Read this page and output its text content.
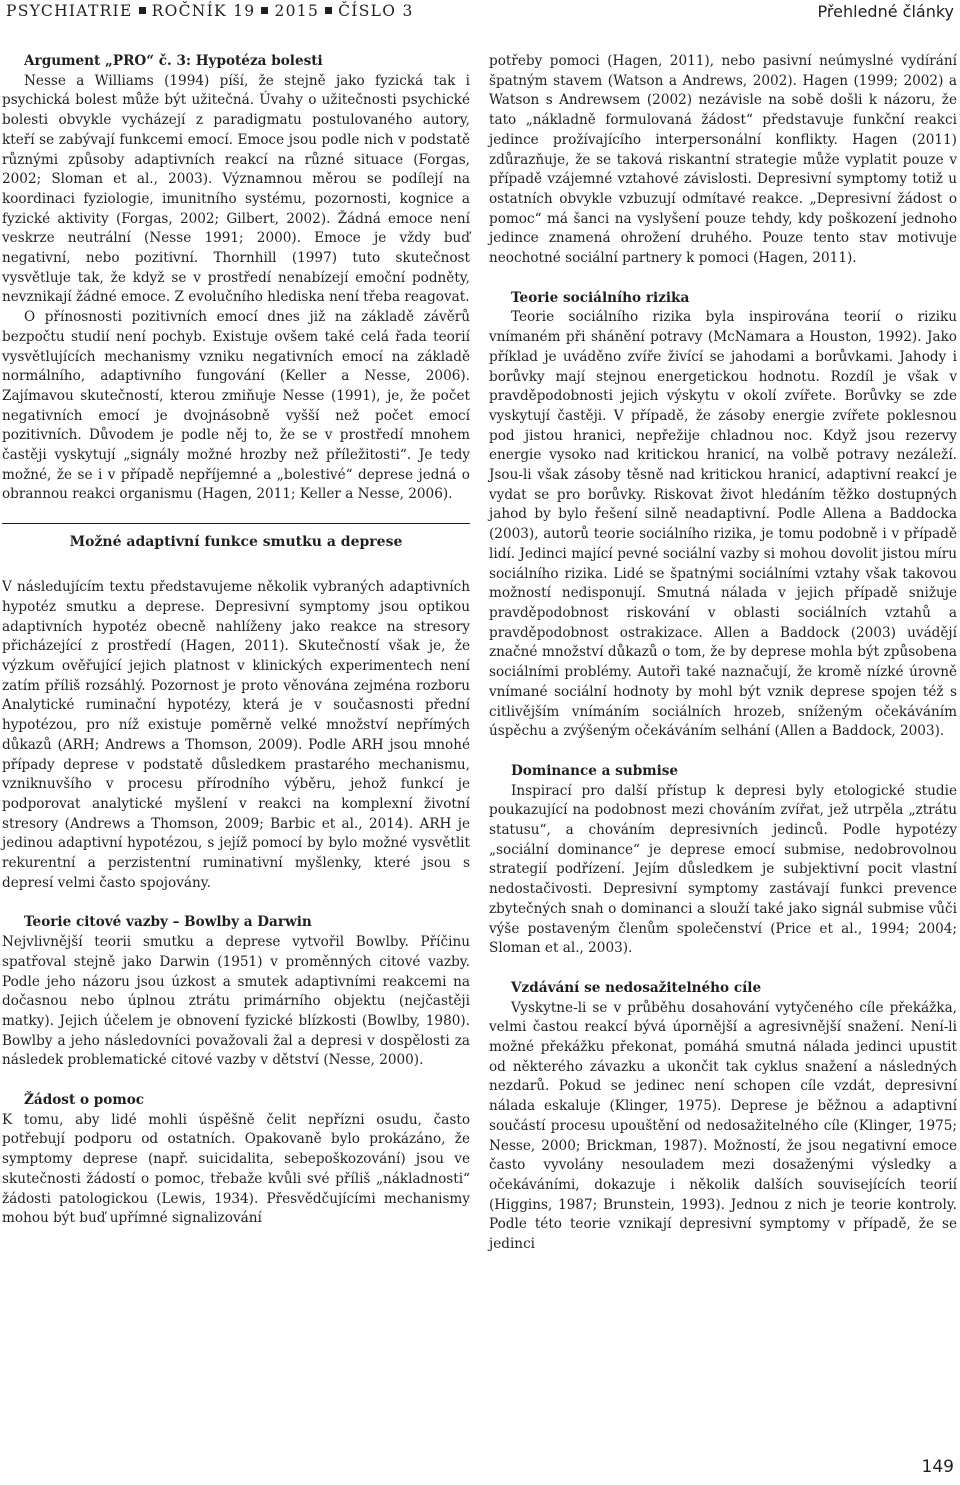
PSYCHIATRIE ROČNÍK 19 2015 ČÍSLO 3	Přehledné články
Argument „PRO“ č. 3: Hypotéza bolesti

Nesse a Williams (1994) píší, že stejně jako fyzická tak i psychická bolest může být užitečná. Úvahy o užitečnosti psychické bolesti obvykle vycházejí z paradigmatu postulovaného autory, kteří se zabývají funkcemi emocí. Emoce jsou podle nich v podstatě různými způsoby adaptivních reakcí na různé situace (Forgas, 2002; Sloman et al., 2003). Významnou měrou se podílejí na koordinaci fyziologie, imunitního systému, pozornosti, kognice a fyzické aktivity (Forgas, 2002; Gilbert, 2002). Žádná emoce není veskrze neutrální (Nesse 1991; 2000). Emoce je vždy buď negativní, nebo pozitivní. Thornhill (1997) tuto skutečnost vysvětluje tak, že když se v prostředí nenabízejí emoční podněty, nevznikají žádné emoce. Z evolučního hlediska není třeba reagovat.

O přínosnosti pozitivních emocí dnes již na základě závěrů bezpočtu studií není pochyb. Existuje ovšem také celá řada teorií vysvětlujících mechanismy vzniku negativních emocí na základě normálního, adaptivního fungování (Keller a Nesse, 2006). Zajímavou skutečností, kterou zmiňuje Nesse (1991), je, že počet negativních emocí je dvojnásobně vyšší než počet emocí pozitivních. Důvodem je podle něj to, že se v prostředí mnohem častěji vyskytují „signály možné hrozby než příležitosti“. Je tedy možné, že se i v případě nepříjemné a „bolestivé“ deprese jedná o obrannou reakci organismu (Hagen, 2011; Keller a Nesse, 2006).

Možné adaptivní funkce smutku a deprese

V následujícím textu představujeme několik vybraných adaptivních hypotéz smutku a deprese. Depresivní symptomy jsou optikou adaptivních hypotéz obecně nahlíženy jako reakce na stresory přicházející z prostředí (Hagen, 2011). Skutečností však je, že výzkum ověřující jejich platnost v klinických experimentech není zatím příliš rozsáhlý. Pozornost je proto věnována zejména rozboru Analytické ruminační hypotézy, která je v současnosti přední hypotézou, pro níž existuje poměrně velké množství nepřímých důkazů (ARH; Andrews a Thomson, 2009). Podle ARH jsou mnohé případy deprese v podstatě důsledkem prastarého mechanismu, vzniknuvšího v procesu přírodního výběru, jehož funkcí je podporovat analytické myšlení v reakci na komplexní životní stresory (Andrews a Thomson, 2009; Barbic et al., 2014). ARH je jedinou adaptivní hypotézou, s jejíž pomocí by bylo možné vysvětlit rekurentní a perzistentní ruminativní myšlenky, které jsou s depresí velmi často spojovány.

Teorie citové vazby – Bowlby a Darwin

Nejvlivnější teorii smutku a deprese vytvořil Bowlby. Příčinu spatřoval stejně jako Darwin (1951) v proměnných citové vazby. Podle jeho názoru jsou úzkost a smutek adaptivními reakcemi na dočasnou nebo úplnou ztrátu primárního objektu (nejčastěji matky). Jejich účelem je obnovení fyzické blízkosti (Bowlby, 1980). Bowlby a jeho následovníci považovali žal a depresi v dospělosti za následek problematické citové vazby v dětství (Nesse, 2000).

Žádost o pomoc

K tomu, aby lidé mohli úspěšně čelit nepřízni osudu, často potřebují podporu od ostatních. Opakovaně bylo prokázáno, že symptomy deprese (např. suicidalita, sebepoškozování) jsou ve skutečnosti žádostí o pomoc, třebaže kvůli své příliš „nákladnosti“ žádosti patologickou (Lewis, 1934). Přesvědčujícími mechanismy mohou být buď upřímné signalizování

potřeby pomoci (Hagen, 2011), nebo pasivní neúmyslné vydírání špatným stavem (Watson a Andrews, 2002). Hagen (1999; 2002) a Watson s Andrewsem (2002) nezávisle na sobě došli k názoru, že tato „nákladně formulovaná žádost“ představuje funkční reakci jedince prožívajícího interpersonální konflikty. Hagen (2011) zdůrazňuje, že se taková riskantní strategie může vyplatit pouze v případě vzájemné vztahové závislosti. Depresivní symptomy totiž u ostatních obvykle vzbuzují odmítavé reakce. „Depresivní žádost o pomoc“ má šanci na vyslyšení pouze tehdy, kdy poškození jednoho jedince znamená ohrožení druhého. Pouze tento stav motivuje neochotné sociální partnery k pomoci (Hagen, 2011).

Teorie sociálního rizika

Teorie sociálního rizika byla inspirována teorií o riziku vnímaném při shánění potravy (McNamara a Houston, 1992). Jako příklad je uváděno zvíře živící se jahodami a borůvkami. Jahody i borůvky mají stejnou energetickou hodnotu. Rozdíl je však v pravděpodobnosti jejich výskytu v okolí zvířete. Borůvky se zde vyskytují častěji. V případě, že zásoby energie zvířete poklesnou pod jistou hranici, nepřežije chladnou noc. Když jsou rezervy energie vysoko nad kritickou hranicí, na volbě potravy nezáleží. Jsou-li však zásoby těsně nad kritickou hranicí, adaptivní reakcí je vydat se pro borůvky. Riskovat život hledáním těžko dostupných jahod by bylo řešení silně neadaptivní. Podle Allena a Baddocka (2003), autorů teorie sociálního rizika, je tomu podobně i v případě lidí. Jedinci mající pevné sociální vazby si mohou dovolit jistou míru sociálního rizika. Lidé se špatnými sociálními vztahy však takovou možností nedisponují. Smutná nálada v jejich případě snižuje pravděpodobnost riskování v oblasti sociálních vztahů a pravděpodobnost ostrakizace. Allen a Baddock (2003) uvádějí značné množství důkazů o tom, že by deprese mohla být způsobena sociálními problémy. Autoři také naznačují, že kromě nízké úrovně vnímané sociální hodnoty by mohl být vznik deprese spojen též s citlivějším vnímáním sociálních hrozeb, sníženým očekáváním úspěchu a zvýšeným očekáváním selhání (Allen a Baddock, 2003).

Dominance a submise

Inspirací pro další přístup k depresi byly etologické studie poukazující na podobnost mezi chováním zvířat, jež utrpěla „ztrátu statusu“, a chováním depresivních jedinců. Podle hypotézy „sociální dominance“ je deprese emocí submise, nedobrovolnou strategií podřízení. Jejím důsledkem je subjektivní pocit vlastní nedostačivosti. Depresivní symptomy zastávají funkci prevence zbytečných snah o dominanci a slouží také jako signál submise vůči výše postaveným členům společenství (Price et al., 1994; 2004; Sloman et al., 2003).

Vzdávání se nedosažitelného cíle

Vyskytne-li se v průběhu dosahování vytyčeného cíle překážka, velmi častou reakcí bývá úpornější a agresivnější snažení. Není-li možné překážku překonat, pomáhá smutná nálada jedinci upustit od některého závazku a ukončit tak cyklus snažení a následných nezdarů. Pokud se jedinec není schopen cíle vzdát, depresivní nálada eskaluje (Klinger, 1975). Deprese je běžnou a adaptivní součástí procesu upouštění od nedosažitelného cíle (Klinger, 1975; Nesse, 2000; Brickman, 1987). Možností, že jsou negativní emoce často vyvolány nesouladem mezi dosaženými výsledky a očekáváními, dokazuje i několik dalších souvisejících teorií (Higgins, 1987; Brunstein, 1993). Jednou z nich je teorie kontroly. Podle této teorie vznikají depresivní symptomy v případě, že se jedinci

149
